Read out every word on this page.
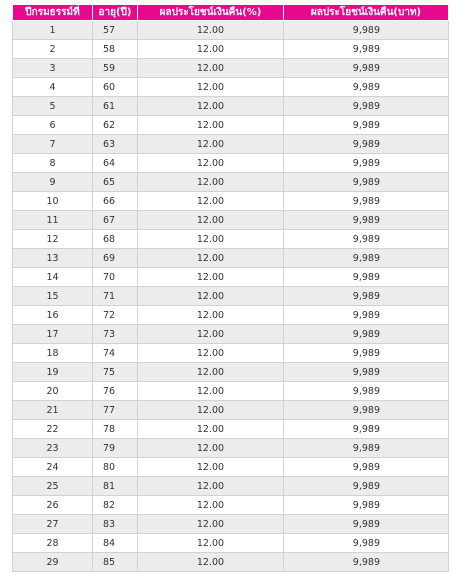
ปีกรมธรรม์ที่	อายุ(ปี)	ผลประโยชน์เงินคืน(%)	ผลประโยชน์เงินคืน(บาท)
1	57	12.00	9,989
2	58	12.00	9,989
3	59	12.00	9,989
4	60	12.00	9,989
5	61	12.00	9,989
6	62	12.00	9,989
7	63	12.00	9,989
8	64	12.00	9,989
9	65	12.00	9,989
10	66	12.00	9,989
11	67	12.00	9,989
12	68	12.00	9,989
13	69	12.00	9,989
14	70	12.00	9,989
15	71	12.00	9,989
16	72	12.00	9,989
17	73	12.00	9,989
18	74	12.00	9,989
19	75	12.00	9,989
20	76	12.00	9,989
21	77	12.00	9,989
22	78	12.00	9,989
23	79	12.00	9,989
24	80	12.00	9,989
25	81	12.00	9,989
26	82	12.00	9,989
27	83	12.00	9,989
28	84	12.00	9,989
29	85	12.00	9,989
